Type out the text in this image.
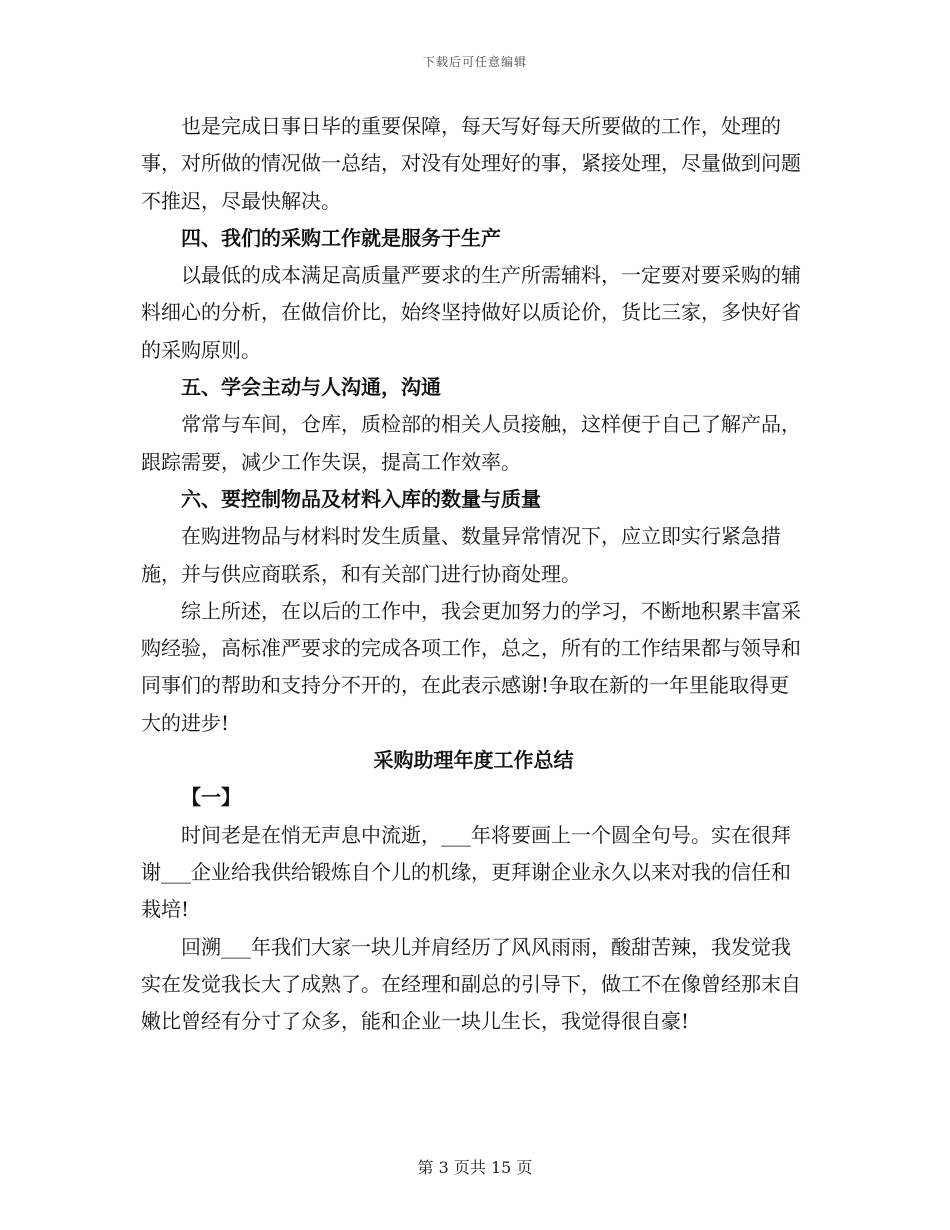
下载后可任意编辑

也是完成日事日毕的重要保障，每天写好每天所要做的工作，处理的事，对所做的情况做一总结，对没有处理好的事，紧接处理，尽量做到问题不推迟，尽最快解决。

四、我们的采购工作就是服务于生产

以最低的成本满足高质量严要求的生产所需辅料，一定要对要采购的辅料细心的分析，在做信价比，始终坚持做好以质论价，货比三家，多快好省的采购原则。

五、学会主动与人沟通，沟通

常常与车间，仓库，质检部的相关人员接触，这样便于自己了解产品，跟踪需要，减少工作失误，提高工作效率。

六、要控制物品及材料入库的数量与质量

在购进物品与材料时发生质量、数量异常情况下，应立即实行紧急措施，并与供应商联系，和有关部门进行协商处理。

综上所述，在以后的工作中，我会更加努力的学习，不断地积累丰富采购经验，高标准严要求的完成各项工作，总之，所有的工作结果都与领导和同事们的帮助和支持分不开的，在此表示感谢!争取在新的一年里能取得更大的进步!

采购助理年度工作总结

【一】

时间老是在悄无声息中流逝，___年将要画上一个圆全句号。实在很拜谢___企业给我供给锻炼自个儿的机缘，更拜谢企业永久以来对我的信任和栽培!

回溯___年我们大家一块儿并肩经历了风风雨雨，酸甜苦辣，我发觉我实在发觉我长大了成熟了。在经理和副总的引导下，做工不在像曾经那末自嫩比曾经有分寸了众多，能和企业一块儿生长，我觉得很自豪!

第 3 页共 15 页
